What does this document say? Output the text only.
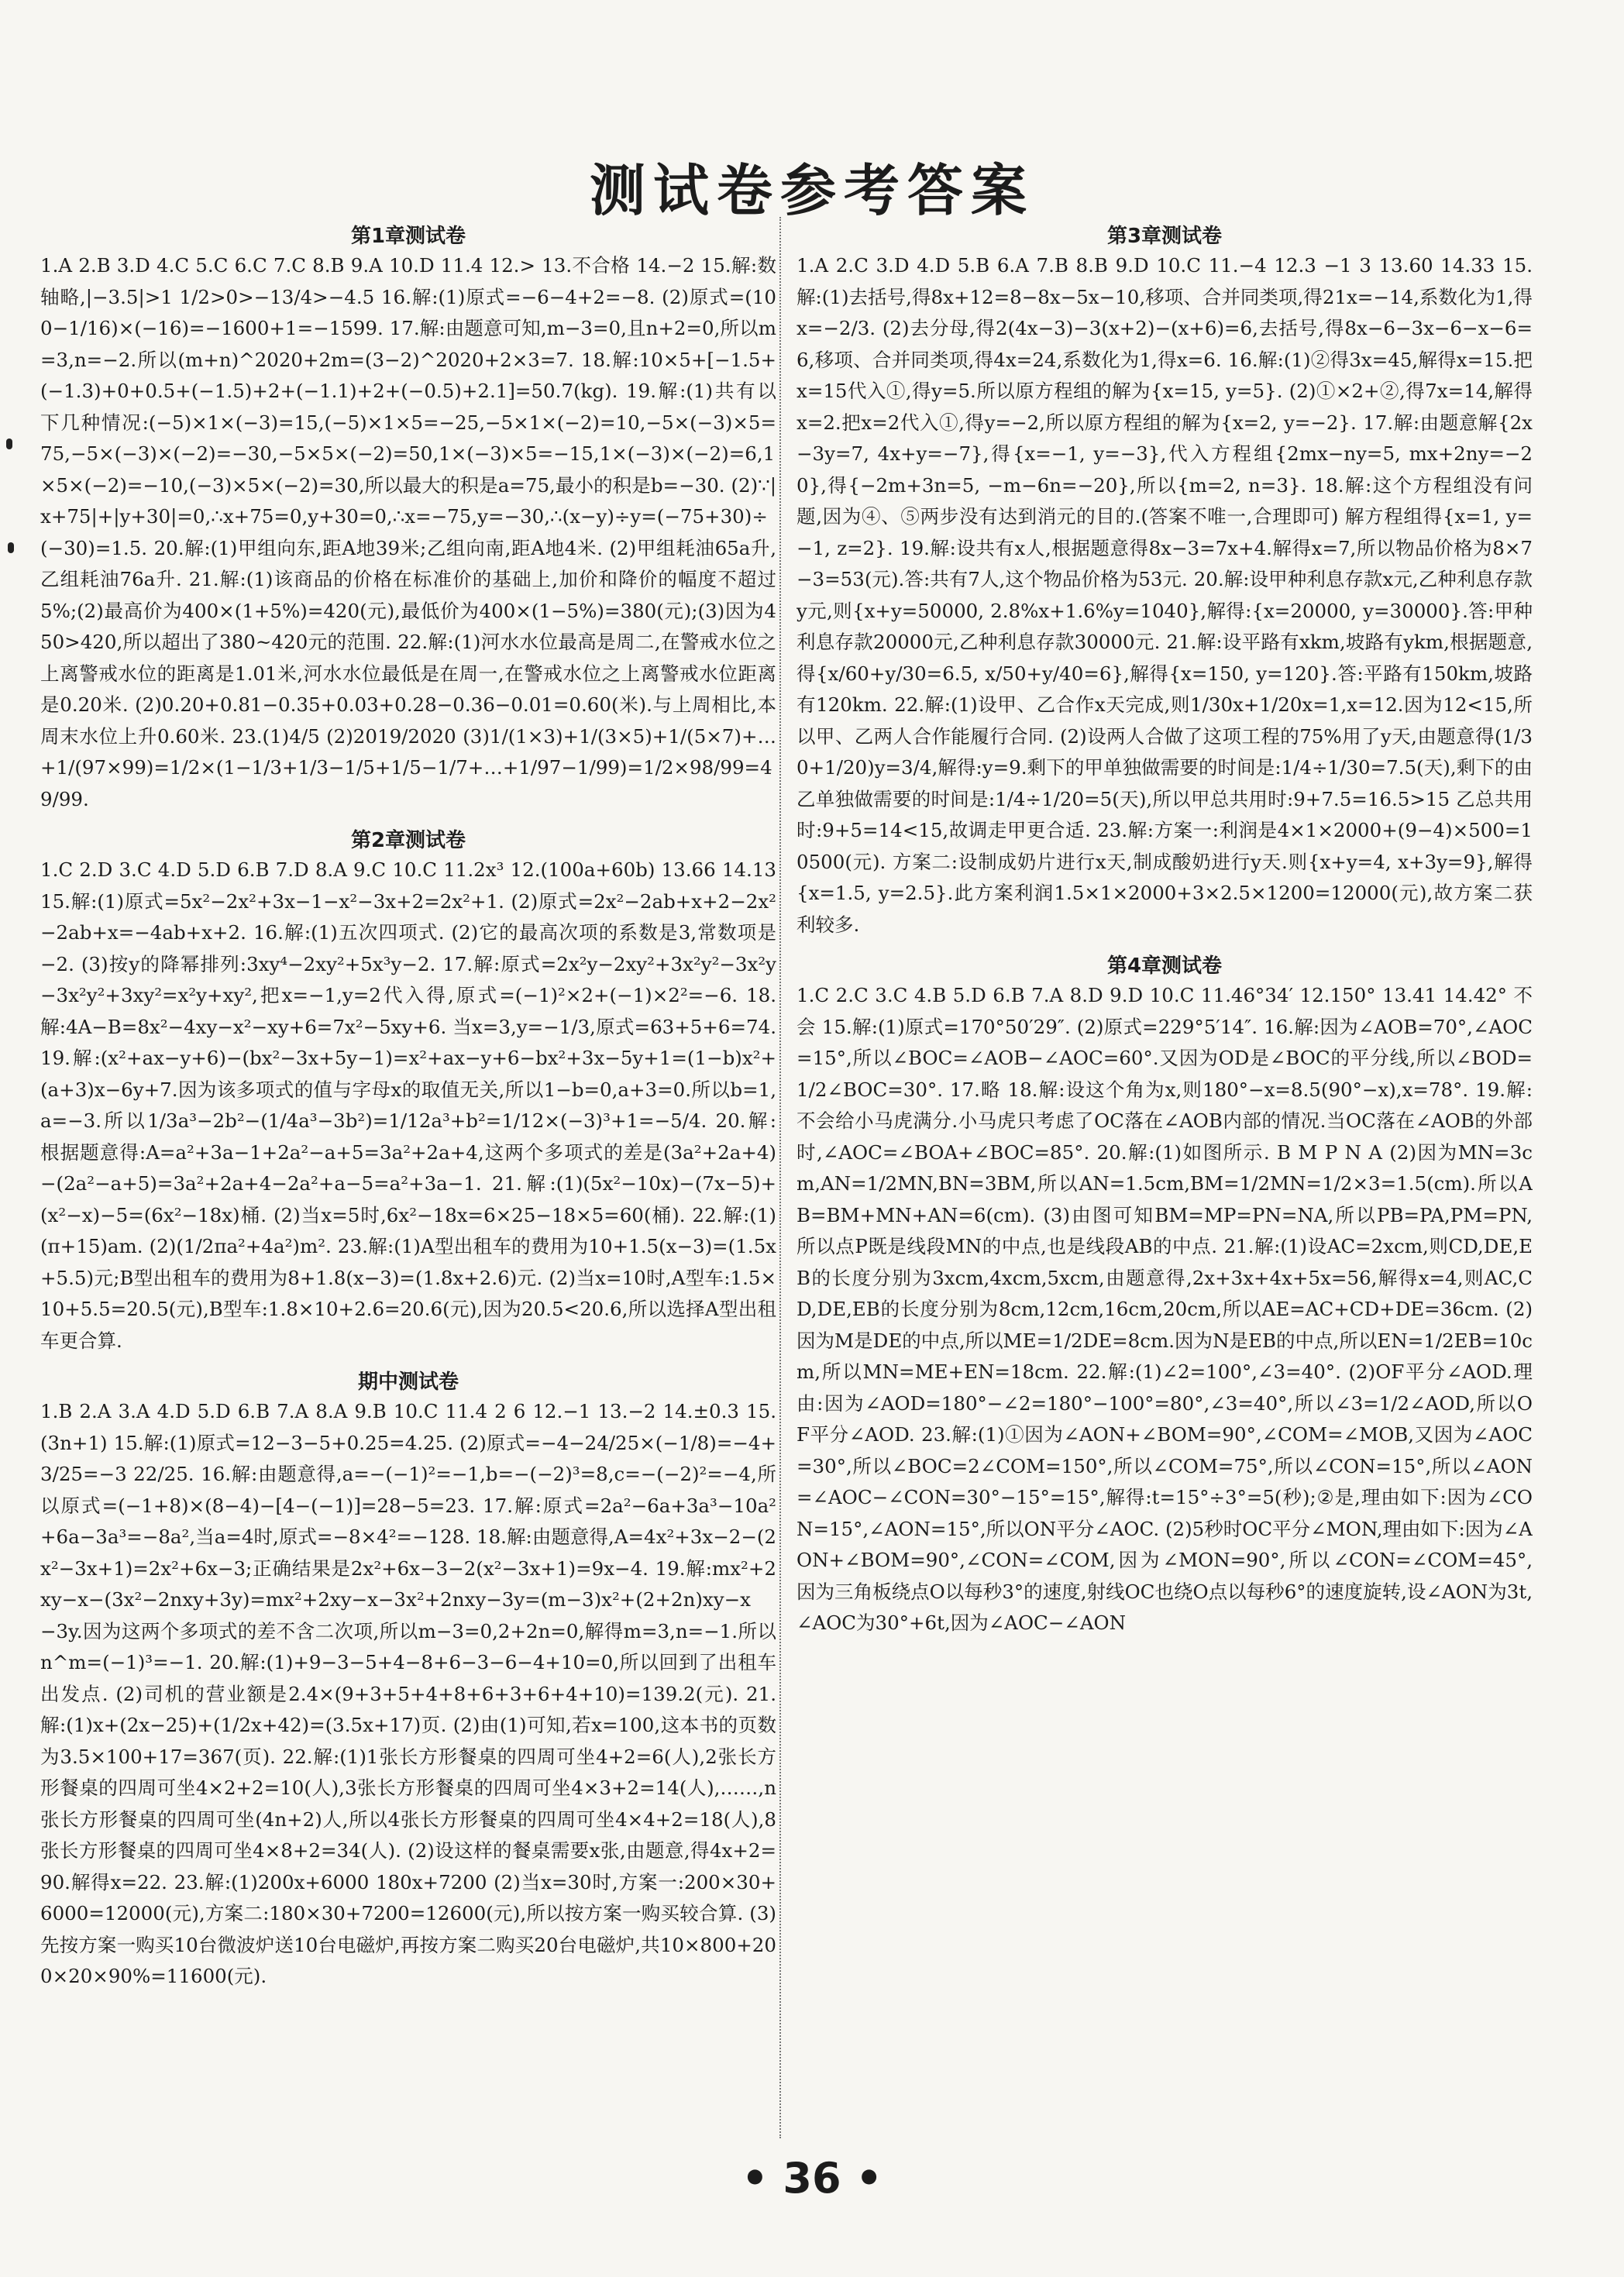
测试卷参考答案
第1章测试卷

1.A 2.B 3.D 4.C 5.C 6.C 7.C 8.B 9.A 10.D 11.4 12.> 13.不合格 14.−2 15.解:数轴略,|−3.5|>1 1/2>0>−13/4>−4.5 16.解:(1)原式=−6−4+2=−8. (2)原式=(100−1/16)×(−16)=−1600+1=−1599. 17.解:由题意可知,m−3=0,且n+2=0,所以m=3,n=−2.所以(m+n)^2020+2m=(3−2)^2020+2×3=7. 18.解:10×5+[−1.5+(−1.3)+0+0.5+(−1.5)+2+(−1.1)+2+(−0.5)+2.1]=50.7(kg). 19.解:(1)共有以下几种情况:(−5)×1×(−3)=15,(−5)×1×5=−25,−5×1×(−2)=10,−5×(−3)×5=75,−5×(−3)×(−2)=−30,−5×5×(−2)=50,1×(−3)×5=−15,1×(−3)×(−2)=6,1×5×(−2)=−10,(−3)×5×(−2)=30,所以最大的积是a=75,最小的积是b=−30. (2)∵|x+75|+|y+30|=0,∴x+75=0,y+30=0,∴x=−75,y=−30,∴(x−y)÷y=(−75+30)÷(−30)=1.5. 20.解:(1)甲组向东,距A地39米;乙组向南,距A地4米. (2)甲组耗油65a升,乙组耗油76a升. 21.解:(1)该商品的价格在标准价的基础上,加价和降价的幅度不超过5%;(2)最高价为400×(1+5%)=420(元),最低价为400×(1−5%)=380(元);(3)因为450>420,所以超出了380~420元的范围. 22.解:(1)河水水位最高是周二,在警戒水位之上离警戒水位的距离是1.01米,河水水位最低是在周一,在警戒水位之上离警戒水位距离是0.20米. (2)0.20+0.81−0.35+0.03+0.28−0.36−0.01=0.60(米).与上周相比,本周末水位上升0.60米. 23.(1)4/5 (2)2019/2020 (3)1/(1×3)+1/(3×5)+1/(5×7)+…+1/(97×99)=1/2×(1−1/3+1/3−1/5+1/5−1/7+…+1/97−1/99)=1/2×98/99=49/99.

第2章测试卷

1.C 2.D 3.C 4.D 5.D 6.B 7.D 8.A 9.C 10.C 11.2x³ 12.(100a+60b) 13.66 14.13 15.解:(1)原式=5x²−2x²+3x−1−x²−3x+2=2x²+1. (2)原式=2x²−2ab+x+2−2x²−2ab+x=−4ab+x+2. 16.解:(1)五次四项式. (2)它的最高次项的系数是3,常数项是−2. (3)按y的降幂排列:3xy⁴−2xy²+5x³y−2. 17.解:原式=2x²y−2xy²+3x²y²−3x²y−3x²y²+3xy²=x²y+xy²,把x=−1,y=2代入得,原式=(−1)²×2+(−1)×2²=−6. 18.解:4A−B=8x²−4xy−x²−xy+6=7x²−5xy+6. 当x=3,y=−1/3,原式=63+5+6=74. 19.解:(x²+ax−y+6)−(bx²−3x+5y−1)=x²+ax−y+6−bx²+3x−5y+1=(1−b)x²+(a+3)x−6y+7.因为该多项式的值与字母x的取值无关,所以1−b=0,a+3=0.所以b=1,a=−3.所以1/3a³−2b²−(1/4a³−3b²)=1/12a³+b²=1/12×(−3)³+1=−5/4. 20.解:根据题意得:A=a²+3a−1+2a²−a+5=3a²+2a+4,这两个多项式的差是(3a²+2a+4)−(2a²−a+5)=3a²+2a+4−2a²+a−5=a²+3a−1. 21.解:(1)(5x²−10x)−(7x−5)+(x²−x)−5=(6x²−18x)桶. (2)当x=5时,6x²−18x=6×25−18×5=60(桶). 22.解:(1)(π+15)am. (2)(1/2πa²+4a²)m². 23.解:(1)A型出租车的费用为10+1.5(x−3)=(1.5x+5.5)元;B型出租车的费用为8+1.8(x−3)=(1.8x+2.6)元. (2)当x=10时,A型车:1.5×10+5.5=20.5(元),B型车:1.8×10+2.6=20.6(元),因为20.5<20.6,所以选择A型出租车更合算.

期中测试卷

1.B 2.A 3.A 4.D 5.D 6.B 7.A 8.A 9.B 10.C 11.4 2 6 12.−1 13.−2 14.±0.3 15.(3n+1) 15.解:(1)原式=12−3−5+0.25=4.25. (2)原式=−4−24/25×(−1/8)=−4+3/25=−3 22/25. 16.解:由题意得,a=−(−1)²=−1,b=−(−2)³=8,c=−(−2)²=−4,所以原式=(−1+8)×(8−4)−[4−(−1)]=28−5=23. 17.解:原式=2a²−6a+3a³−10a²+6a−3a³=−8a²,当a=4时,原式=−8×4²=−128. 18.解:由题意得,A=4x²+3x−2−(2x²−3x+1)=2x²+6x−3;正确结果是2x²+6x−3−2(x²−3x+1)=9x−4. 19.解:mx²+2xy−x−(3x²−2nxy+3y)=mx²+2xy−x−3x²+2nxy−3y=(m−3)x²+(2+2n)xy−x−3y.因为这两个多项式的差不含二次项,所以m−3=0,2+2n=0,解得m=3,n=−1.所以n^m=(−1)³=−1. 20.解:(1)+9−3−5+4−8+6−3−6−4+10=0,所以回到了出租车出发点. (2)司机的营业额是2.4×(9+3+5+4+8+6+3+6+4+10)=139.2(元). 21.解:(1)x+(2x−25)+(1/2x+42)=(3.5x+17)页. (2)由(1)可知,若x=100,这本书的页数为3.5×100+17=367(页). 22.解:(1)1张长方形餐桌的四周可坐4+2=6(人),2张长方形餐桌的四周可坐4×2+2=10(人),3张长方形餐桌的四周可坐4×3+2=14(人),……,n张长方形餐桌的四周可坐(4n+2)人,所以4张长方形餐桌的四周可坐4×4+2=18(人),8张长方形餐桌的四周可坐4×8+2=34(人). (2)设这样的餐桌需要x张,由题意,得4x+2=90.解得x=22. 23.解:(1)200x+6000 180x+7200 (2)当x=30时,方案一:200×30+6000=12000(元),方案二:180×30+7200=12600(元),所以按方案一购买较合算. (3)先按方案一购买10台微波炉送10台电磁炉,再按方案二购买20台电磁炉,共10×800+200×20×90%=11600(元).

第3章测试卷

1.A 2.C 3.D 4.D 5.B 6.A 7.B 8.B 9.D 10.C 11.−4 12.3 −1 3 13.60 14.33 15.解:(1)去括号,得8x+12=8−8x−5x−10,移项、合并同类项,得21x=−14,系数化为1,得x=−2/3. (2)去分母,得2(4x−3)−3(x+2)−(x+6)=6,去括号,得8x−6−3x−6−x−6=6,移项、合并同类项,得4x=24,系数化为1,得x=6. 16.解:(1)②得3x=45,解得x=15.把x=15代入①,得y=5.所以原方程组的解为{x=15, y=5}. (2)①×2+②,得7x=14,解得x=2.把x=2代入①,得y=−2,所以原方程组的解为{x=2, y=−2}. 17.解:由题意解{2x−3y=7, 4x+y=−7},得{x=−1, y=−3},代入方程组{2mx−ny=5, mx+2ny=−20},得{−2m+3n=5, −m−6n=−20},所以{m=2, n=3}. 18.解:这个方程组没有问题,因为④、⑤两步没有达到消元的目的.(答案不唯一,合理即可) 解方程组得{x=1, y=−1, z=2}. 19.解:设共有x人,根据题意得8x−3=7x+4.解得x=7,所以物品价格为8×7−3=53(元).答:共有7人,这个物品价格为53元. 20.解:设甲种利息存款x元,乙种利息存款y元,则{x+y=50000, 2.8%x+1.6%y=1040},解得:{x=20000, y=30000}.答:甲种利息存款20000元,乙种利息存款30000元. 21.解:设平路有xkm,坡路有ykm,根据题意,得{x/60+y/30=6.5, x/50+y/40=6},解得{x=150, y=120}.答:平路有150km,坡路有120km. 22.解:(1)设甲、乙合作x天完成,则1/30x+1/20x=1,x=12.因为12<15,所以甲、乙两人合作能履行合同. (2)设两人合做了这项工程的75%用了y天,由题意得(1/30+1/20)y=3/4,解得:y=9.剩下的甲单独做需要的时间是:1/4÷1/30=7.5(天),剩下的由乙单独做需要的时间是:1/4÷1/20=5(天),所以甲总共用时:9+7.5=16.5>15 乙总共用时:9+5=14<15,故调走甲更合适. 23.解:方案一:利润是4×1×2000+(9−4)×500=10500(元). 方案二:设制成奶片进行x天,制成酸奶进行y天.则{x+y=4, x+3y=9},解得{x=1.5, y=2.5}.此方案利润1.5×1×2000+3×2.5×1200=12000(元),故方案二获利较多.

第4章测试卷

1.C 2.C 3.C 4.B 5.D 6.B 7.A 8.D 9.D 10.C 11.46°34′ 12.150° 13.41 14.42° 不会 15.解:(1)原式=170°50′29″. (2)原式=229°5′14″. 16.解:因为∠AOB=70°,∠AOC=15°,所以∠BOC=∠AOB−∠AOC=60°.又因为OD是∠BOC的平分线,所以∠BOD=1/2∠BOC=30°. 17.略 18.解:设这个角为x,则180°−x=8.5(90°−x),x=78°. 19.解:不会给小马虎满分.小马虎只考虑了OC落在∠AOB内部的情况.当OC落在∠AOB的外部时,∠AOC=∠BOA+∠BOC=85°. 20.解:(1)如图所示. B M P N A (2)因为MN=3cm,AN=1/2MN,BN=3BM,所以AN=1.5cm,BM=1/2MN=1/2×3=1.5(cm).所以AB=BM+MN+AN=6(cm). (3)由图可知BM=MP=PN=NA,所以PB=PA,PM=PN,所以点P既是线段MN的中点,也是线段AB的中点. 21.解:(1)设AC=2xcm,则CD,DE,EB的长度分别为3xcm,4xcm,5xcm,由题意得,2x+3x+4x+5x=56,解得x=4,则AC,CD,DE,EB的长度分别为8cm,12cm,16cm,20cm,所以AE=AC+CD+DE=36cm. (2)因为M是DE的中点,所以ME=1/2DE=8cm.因为N是EB的中点,所以EN=1/2EB=10cm,所以MN=ME+EN=18cm. 22.解:(1)∠2=100°,∠3=40°. (2)OF平分∠AOD.理由:因为∠AOD=180°−∠2=180°−100°=80°,∠3=40°,所以∠3=1/2∠AOD,所以OF平分∠AOD. 23.解:(1)①因为∠AON+∠BOM=90°,∠COM=∠MOB,又因为∠AOC=30°,所以∠BOC=2∠COM=150°,所以∠COM=75°,所以∠CON=15°,所以∠AON=∠AOC−∠CON=30°−15°=15°,解得:t=15°÷3°=5(秒);②是,理由如下:因为∠CON=15°,∠AON=15°,所以ON平分∠AOC. (2)5秒时OC平分∠MON,理由如下:因为∠AON+∠BOM=90°,∠CON=∠COM,因为∠MON=90°,所以∠CON=∠COM=45°,因为三角板绕点O以每秒3°的速度,射线OC也绕O点以每秒6°的速度旋转,设∠AON为3t,∠AOC为30°+6t,因为∠AOC−∠AON

• 36 •
